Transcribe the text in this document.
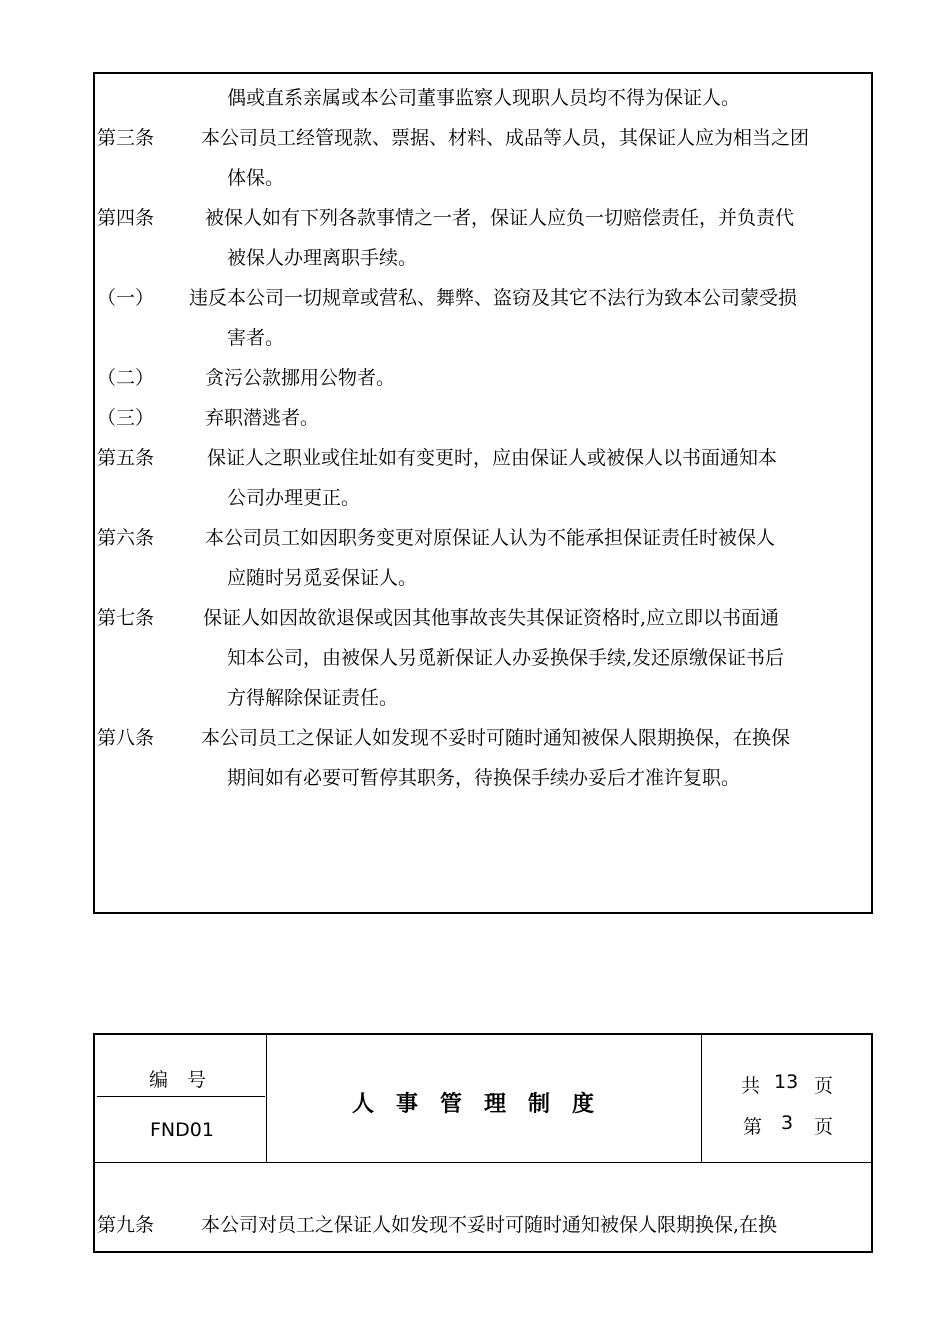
偶或直系亲属或本公司董事监察人现职人员均不得为保证人。
第三条 本公司员工经管现款、票据、材料、成品等人员，其保证人应为相当之团
体保。
第四条	被保人如有下列各款事情之一者，保证人应负一切赔偿责任，并负责代
被保人办理离职手续。
（一） 违反本公司一切规章或营私、舞弊、盗窃及其它不法行为致本公司蒙受损
害者。
（二）	贪污公款挪用公物者。
（三）	弃职潜逃者。
第五条	保证人之职业或住址如有变更时，应由保证人或被保人以书面通知本
公司办理更正。
第六条	本公司员工如因职务变更对原保证人认为不能承担保证责任时被保人
应随时另觅妥保证人。
第七条	保证人如因故欲退保或因其他事故丧失其保证资格时,应立即以书面通
知本公司，由被保人另觅新保证人办妥换保手续,发还原缴保证书后
方得解除保证责任。
第八条 本公司员工之保证人如发现不妥时可随时通知被保人限期换保，在换保
期间如有必要可暂停其职务，待换保手续办妥后才准许复职。
编　号
FND01
人事管理制度
共 13 页
第 3 页
第九条 本公司对员工之保证人如发现不妥时可随时通知被保人限期换保,在换
